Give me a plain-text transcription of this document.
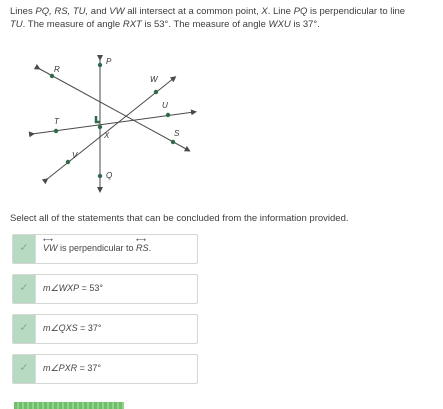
Lines PQ, RS, TU, and VW all intersect at a common point, X. Line PQ is perpendicular to line
TU. The measure of angle RXT is 53°. The measure of angle WXU is 37°.
P
R
W
U
T
X	S
V
Q
Select all of the statements that can be concluded from the information provided.
✓
⟷
VW is perpendicular to
⟷
RS.
✓ m∠WXP = 53°
✓ m∠QXS = 37°
✓ m∠PXR = 37°
